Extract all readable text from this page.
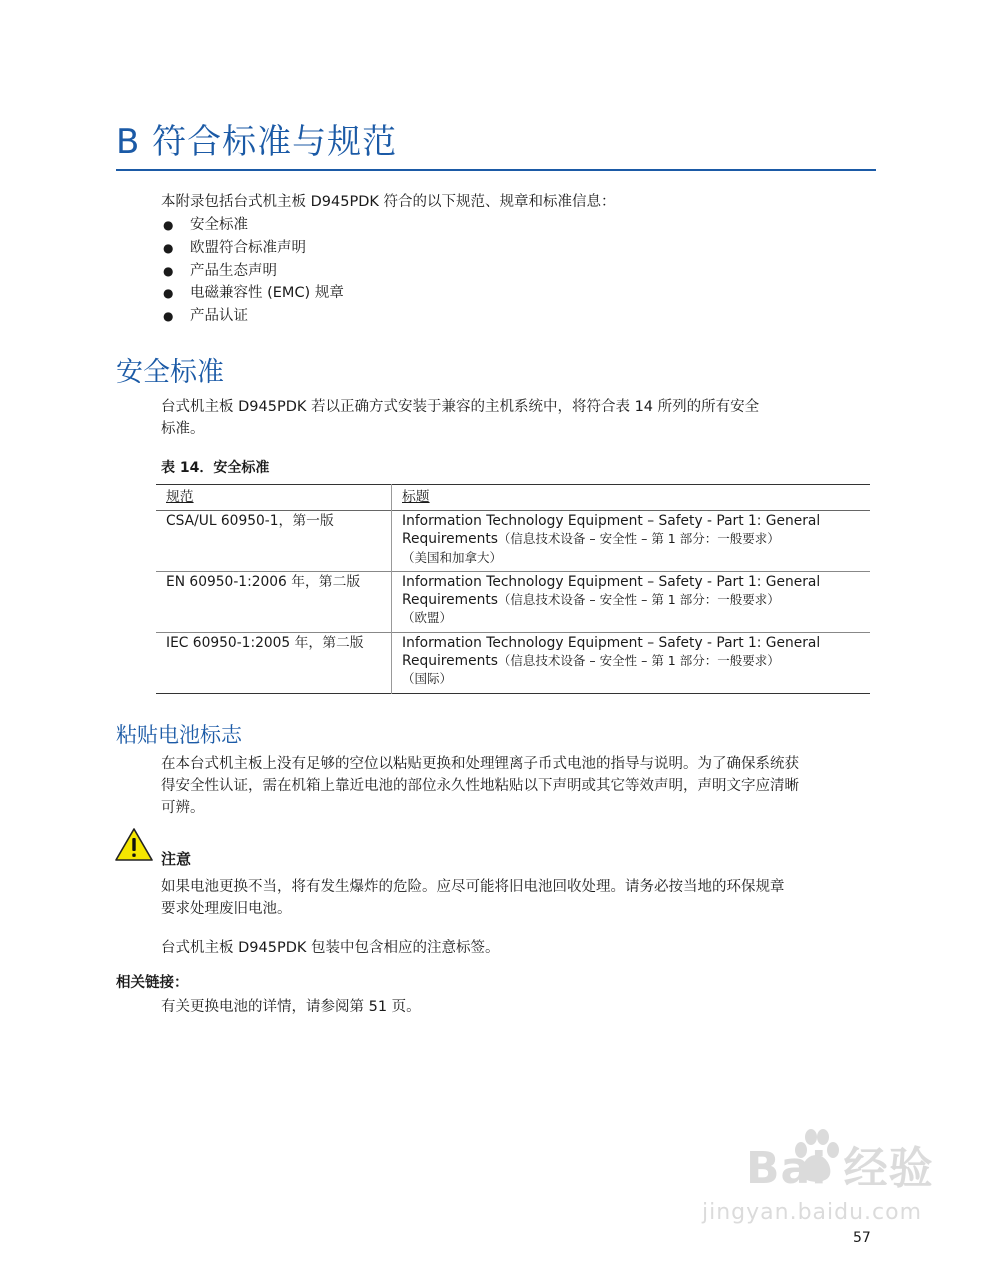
B 符合标准与规范

本附录包括台式机主板 D945PDK 符合的以下规范、规章和标准信息：

● 安全标准
● 欧盟符合标准声明
● 产品生态声明
● 电磁兼容性 (EMC) 规章
● 产品认证
安全标准

台式机主板 D945PDK 若以正确方式安装于兼容的主机系统中，将符合表 14 所列的所有安全
标准。

表 14．安全标准

规范	标题
CSA/UL 60950-1，第一版	Information Technology Equipment – Safety - Part 1: General
Requirements（信息技术设备 – 安全性 – 第 1 部分：一般要求）
（美国和加拿大）

EN 60950-1:2006 年，第二版	Information Technology Equipment – Safety - Part 1: General
Requirements（信息技术设备 – 安全性 – 第 1 部分：一般要求）
（欧盟）

IEC 60950-1:2005 年，第二版	Information Technology Equipment – Safety - Part 1: General
Requirements（信息技术设备 – 安全性 – 第 1 部分：一般要求）
（国际）
粘贴电池标志

在本台式机主板上没有足够的空位以粘贴更换和处理锂离子币式电池的指导与说明。为了确保系统获
得安全性认证，需在机箱上靠近电池的部位永久性地粘贴以下声明或其它等效声明，声明文字应清晰
可辨。

注意

如果电池更换不当，将有发生爆炸的危险。应尽可能将旧电池回收处理。请务必按当地的环保规章
要求处理废旧电池。

台式机主板 D945PDK 包装中包含相应的注意标签。

相关链接：

有关更换电池的详情，请参阅第 51 页。

Bai 经验
jingyan.baidu.com

57
